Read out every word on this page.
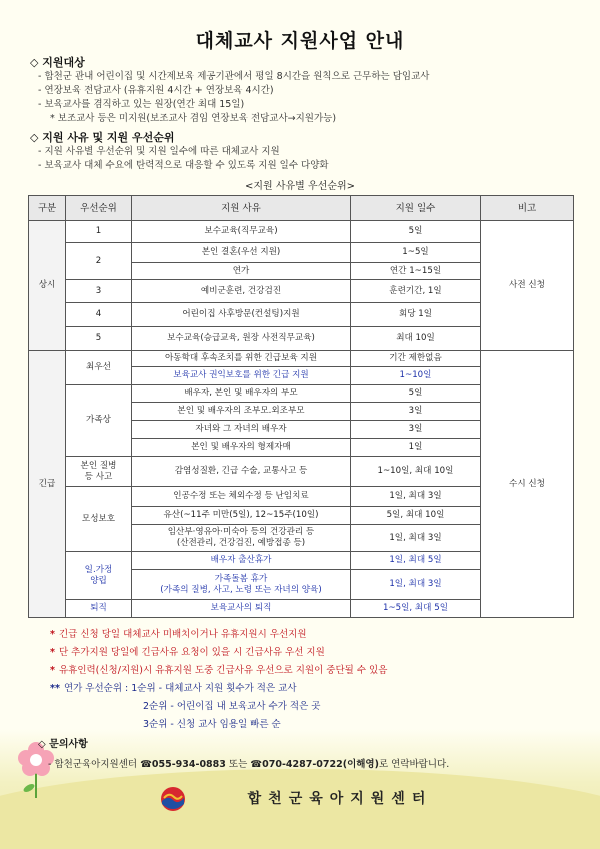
대체교사 지원사업 안내
◇ 지원대상
- 합천군 관내 어린이집 및 시간제보육 제공기관에서 평일 8시간을 원칙으로 근무하는 담임교사
- 연장보육 전담교사 (유휴지원 4시간 + 연장보육 4시간)
- 보육교사를 겸직하고 있는 원장(연간 최대 15일)
* 보조교사 등은 미지원(보조교사 겸임 연장보육 전담교사→지원가능)
◇ 지원 사유 및 지원 우선순위
- 지원 사유별 우선순위 및 지원 일수에 따른 대체교사 지원
- 보육교사 대체 수요에 탄력적으로 대응할 수 있도록 지원 일수 다양화
<지원 사유별 우선순위>
구분	우선순위	지원 사유	지원 일수	비고
상시	1	보수교육(직무교육)	5일	사전 신청
	2	본인 결혼(우선 지원)	1~5일	
		연가	연간 1~15일	
	3	예비군훈련, 건강검진	훈련기간, 1일	
	4	어린이집 사후방문(컨설팅)지원	회당 1일	
	5	보수교육(승급교육, 원장 사전직무교육)	최대 10일	
긴급	최우선	아동학대 후속조치를 위한 긴급보육 지원	기간 제한없음	수시 신청
		보육교사 권익보호를 위한 긴급 지원	1~10일	
	가족상	배우자, 본인 및 배우자의 부모	5일	
		본인 및 배우자의 조부모.외조부모	3일	
		자녀와 그 자녀의 배우자	3일	
		본인 및 배우자의 형제자매	1일	

	본인 질병
등 사고	감염성질환, 긴급 수술, 교통사고 등	1~10일, 최대 10일	
	모성보호	인공수정 또는 체외수정 등 난임치료	1일, 최대 3일	
		유산(~11주 미만(5일), 12~15주(10일)	5일, 최대 10일	

		임산부·영유아·미숙아 등의 건강관리 등
(산전관리, 건강검진, 예방접종 등)	1일, 최대 3일	

	일.가정
양립	배우자 출산휴가	1일, 최대 5일	

		가족돌봄 휴가
(가족의 질병, 사고, 노령 또는 자녀의 양육)	1일, 최대 3일	
	퇴직	보육교사의 퇴직	1~5일, 최대 5일	
* 긴급 신청 당일 대체교사 미배치이거나 유휴지원시 우선지원
* 단 추가지원 당일에 긴급사유 요청이 있을 시 긴급사유 우선 지원
* 유휴인력(신청/지원)시 유휴지원 도중 긴급사유 우선으로 지원이 중단될 수 있음
** 연가 우선순위 : 1순위 - 대체교사 지원 횟수가 적은 교사
2순위 - 어린이집 내 보육교사 수가 적은 곳
3순위 - 신청 교사 임용일 빠른 순
◇ 문의사항
- 합천군육아지원센터 ☎055-934-0883 또는 ☎070-4287-0722(이해영)로 연락바랍니다.
합천군육아지원센터
